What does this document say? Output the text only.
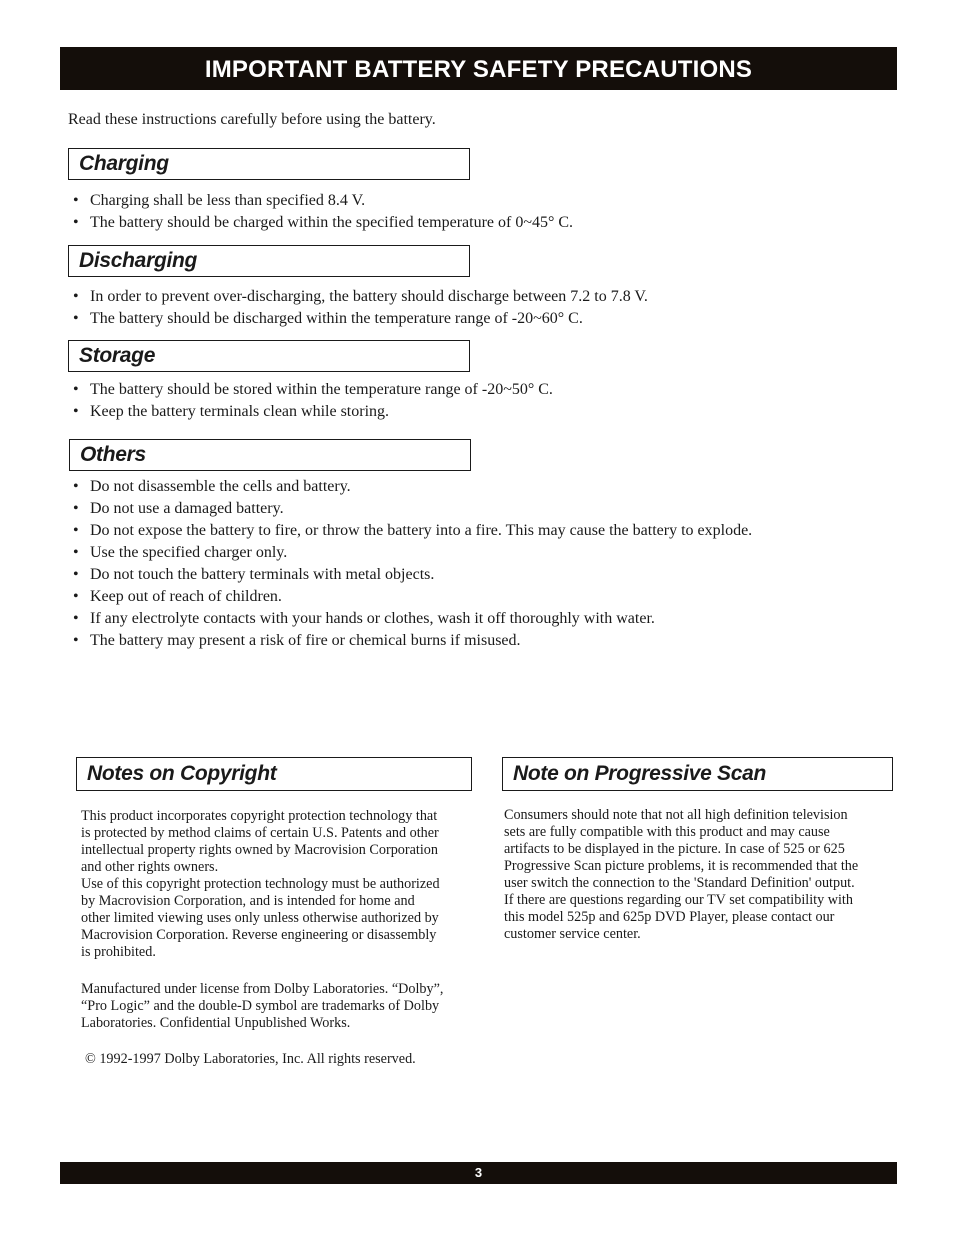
IMPORTANT BATTERY SAFETY PRECAUTIONS
Read these instructions carefully before using the battery.
Charging
• Charging shall be less than specified 8.4 V.
• The battery should be charged within the specified temperature of 0~45° C.
Discharging
• In order to prevent over-discharging, the battery should discharge between 7.2 to 7.8 V.
• The battery should be discharged within the temperature range of -20~60° C.
Storage
• The battery should be stored within the temperature range of -20~50° C.
• Keep the battery terminals clean while storing.
Others
• Do not disassemble the cells and battery.
• Do not use a damaged battery.
• Do not expose the battery to fire, or throw the battery into a fire. This may cause the battery to explode.
• Use the specified charger only.
• Do not touch the battery terminals with metal objects.
• Keep out of reach of children.
• If any electrolyte contacts with your hands or clothes, wash it off thoroughly with water.
• The battery may present a risk of fire or chemical burns if misused.
Notes on Copyright
This product incorporates copyright protection technology that
is protected by method claims of certain U.S. Patents and other
intellectual property rights owned by Macrovision Corporation
and other rights owners.
Use of this copyright protection technology must be authorized
by Macrovision Corporation, and is intended for home and
other limited viewing uses only unless otherwise authorized by
Macrovision Corporation. Reverse engineering or disassembly
is prohibited.
Manufactured under license from Dolby Laboratories. “Dolby”,
“Pro Logic” and the double-D symbol are trademarks of Dolby
Laboratories. Confidential Unpublished Works.
© 1992-1997 Dolby Laboratories, Inc. All rights reserved.
Note on Progressive Scan
Consumers should note that not all high definition television
sets are fully compatible with this product and may cause
artifacts to be displayed in the picture. In case of 525 or 625
Progressive Scan picture problems, it is recommended that the
user switch the connection to the 'Standard Definition' output.
If there are questions regarding our TV set compatibility with
this model 525p and 625p DVD Player, please contact our
customer service center.
3
